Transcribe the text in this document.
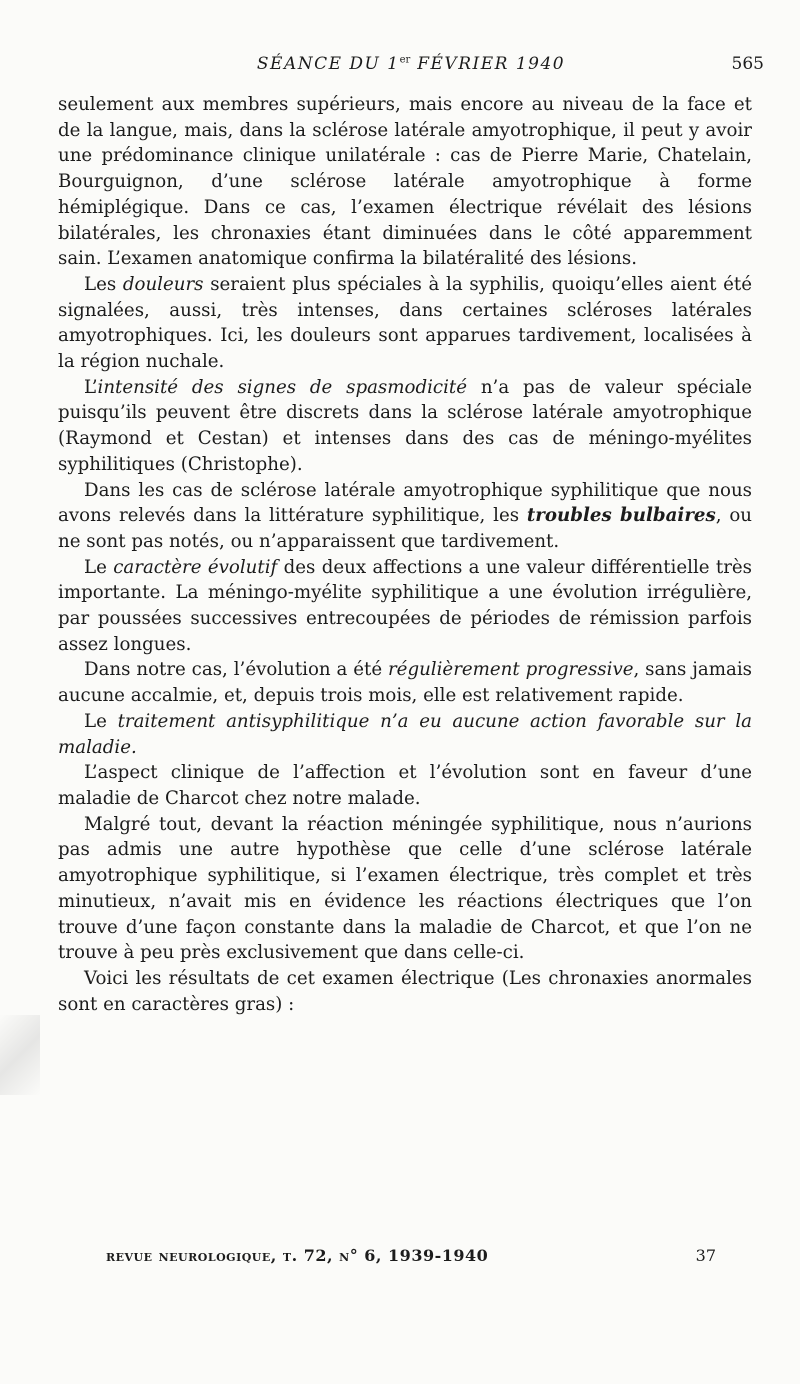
SÉANCE DU 1er FÉVRIER 1940	565

seulement aux membres supérieurs, mais encore au niveau de la face et de la langue, mais, dans la sclérose latérale amyotrophique, il peut y avoir une prédominance clinique unilatérale : cas de Pierre Marie, Chatelain, Bourguignon, d’une sclérose latérale amyotrophique à forme hémiplégique. Dans ce cas, l’examen électrique révélait des lésions bilatérales, les chronaxies étant diminuées dans le côté apparemment sain. L’examen anatomique confirma la bilatéralité des lésions.

Les douleurs seraient plus spéciales à la syphilis, quoiqu’elles aient été signalées, aussi, très intenses, dans certaines scléroses latérales amyotrophiques. Ici, les douleurs sont apparues tardivement, localisées à la région nuchale.

L’intensité des signes de spasmodicité n’a pas de valeur spéciale puisqu’ils peuvent être discrets dans la sclérose latérale amyotrophique (Raymond et Cestan) et intenses dans des cas de méningo-myélites syphilitiques (Christophe).

Dans les cas de sclérose latérale amyotrophique syphilitique que nous avons relevés dans la littérature syphilitique, les troubles bulbaires, ou ne sont pas notés, ou n’apparaissent que tardivement.

Le caractère évolutif des deux affections a une valeur différentielle très importante. La méningo-myélite syphilitique a une évolution irrégulière, par poussées successives entrecoupées de périodes de rémission parfois assez longues.

Dans notre cas, l’évolution a été régulièrement progressive, sans jamais aucune accalmie, et, depuis trois mois, elle est relativement rapide.

Le traitement antisyphilitique n’a eu aucune action favorable sur la maladie.

L’aspect clinique de l’affection et l’évolution sont en faveur d’une maladie de Charcot chez notre malade.

Malgré tout, devant la réaction méningée syphilitique, nous n’aurions pas admis une autre hypothèse que celle d’une sclérose latérale amyotrophique syphilitique, si l’examen électrique, très complet et très minutieux, n’avait mis en évidence les réactions électriques que l’on trouve d’une façon constante dans la maladie de Charcot, et que l’on ne trouve à peu près exclusivement que dans celle-ci.

Voici les résultats de cet examen électrique (Les chronaxies anormales sont en caractères gras) :

revue neurologique, t. 72, n° 6, 1939-1940	37
